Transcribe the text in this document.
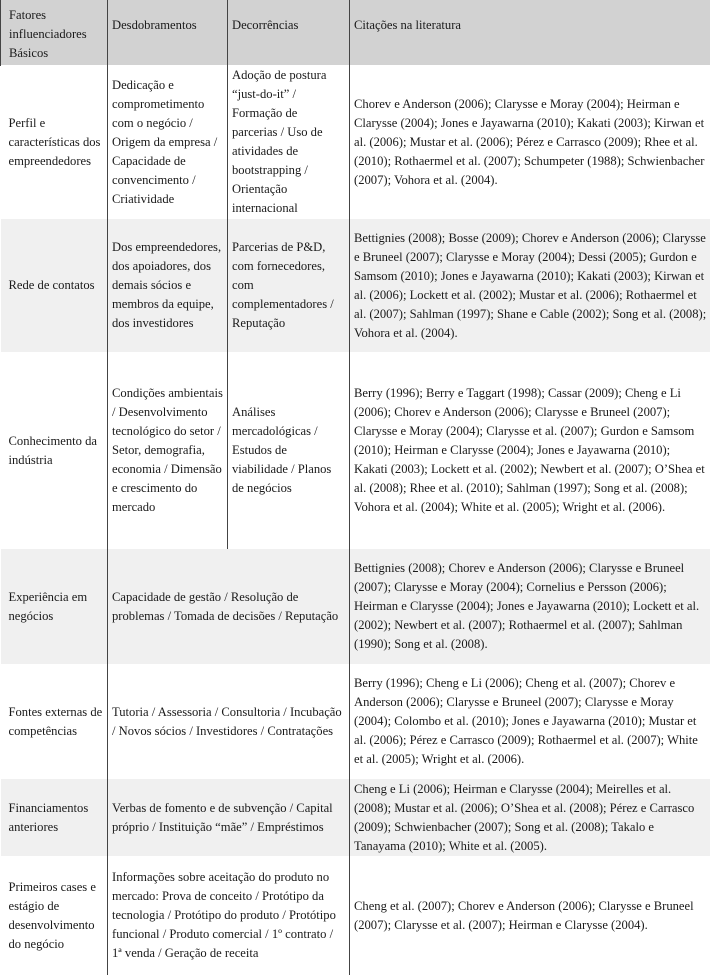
Fatores influenciadores Básicos	Desdobramentos	Decorrências	Citações na literatura
Perfil e características dos empreendedores	Dedicação e comprometimento com o negócio / Origem da empresa / Capacidade de convencimento / Criatividade	Adoção de postura “just-do-it” / Formação de parcerias / Uso de atividades de bootstrapping / Orientação internacional	Chorev e Anderson (2006); Clarysse e Moray (2004); Heirman e Clarysse (2004); Jones e Jayawarna (2010); Kakati (2003); Kirwan et al. (2006); Mustar et al. (2006); Pérez e Carrasco (2009); Rhee et al. (2010); Rothaermel et al. (2007); Schumpeter (1988); Schwienbacher (2007); Vohora et al. (2004).
Rede de contatos	Dos empreendedores, dos apoiadores, dos demais sócios e membros da equipe, dos investidores	Parcerias de P&D, com fornecedores, com complementadores / Reputação	Bettignies (2008); Bosse (2009); Chorev e Anderson (2006); Clarysse e Bruneel (2007); Clarysse e Moray (2004); Dessi (2005); Gurdon e Samsom (2010); Jones e Jayawarna (2010); Kakati (2003); Kirwan et al. (2006); Lockett et al. (2002); Mustar et al. (2006); Rothaermel et al. (2007); Sahlman (1997); Shane e Cable (2002); Song et al. (2008); Vohora et al. (2004).
Conhecimento da indústria	Condições ambientais / Desenvolvimento tecnológico do setor / Setor, demografia, economia / Dimensão e crescimento do mercado	Análises mercadológicas / Estudos de viabilidade / Planos de negócios	Berry (1996); Berry e Taggart (1998); Cassar (2009); Cheng e Li (2006); Chorev e Anderson (2006); Clarysse e Bruneel (2007); Clarysse e Moray (2004); Clarysse et al. (2007); Gurdon e Samsom (2010); Heirman e Clarysse (2004); Jones e Jayawarna (2010); Kakati (2003); Lockett et al. (2002); Newbert et al. (2007); O’Shea et al. (2008); Rhee et al. (2010); Sahlman (1997); Song et al. (2008); Vohora et al. (2004); White et al. (2005); Wright et al. (2006).
Experiência em negócios	Capacidade de gestão / Resolução de problemas / Tomada de decisões / Reputação		Bettignies (2008); Chorev e Anderson (2006); Clarysse e Bruneel (2007); Clarysse e Moray (2004); Cornelius e Persson (2006); Heirman e Clarysse (2004); Jones e Jayawarna (2010); Lockett et al. (2002); Newbert et al. (2007); Rothaermel et al. (2007); Sahlman (1990); Song et al. (2008).
Fontes externas de competências	Tutoria / Assessoria / Consultoria / Incubação / Novos sócios / Investidores / Contratações		Berry (1996); Cheng e Li (2006); Cheng et al. (2007); Chorev e Anderson (2006); Clarysse e Bruneel (2007); Clarysse e Moray (2004); Colombo et al. (2010); Jones e Jayawarna (2010); Mustar et al. (2006); Pérez e Carrasco (2009); Rothaermel et al. (2007); White et al. (2005); Wright et al. (2006).
Financiamentos anteriores	Verbas de fomento e de subvenção / Capital próprio / Instituição “mãe” / Empréstimos		Cheng e Li (2006); Heirman e Clarysse (2004); Meirelles et al. (2008); Mustar et al. (2006); O’Shea et al. (2008); Pérez e Carrasco (2009); Schwienbacher (2007); Song et al. (2008); Takalo e Tanayama (2010); White et al. (2005).
Primeiros cases e estágio de desenvolvimento do negócio	Informações sobre aceitação do produto no mercado: Prova de conceito / Protótipo da tecnologia / Protótipo do produto / Protótipo funcional / Produto comercial / 1º contrato / 1ª venda / Geração de receita		Cheng et al. (2007); Chorev e Anderson (2006); Clarysse e Bruneel (2007); Clarysse et al. (2007); Heirman e Clarysse (2004).
